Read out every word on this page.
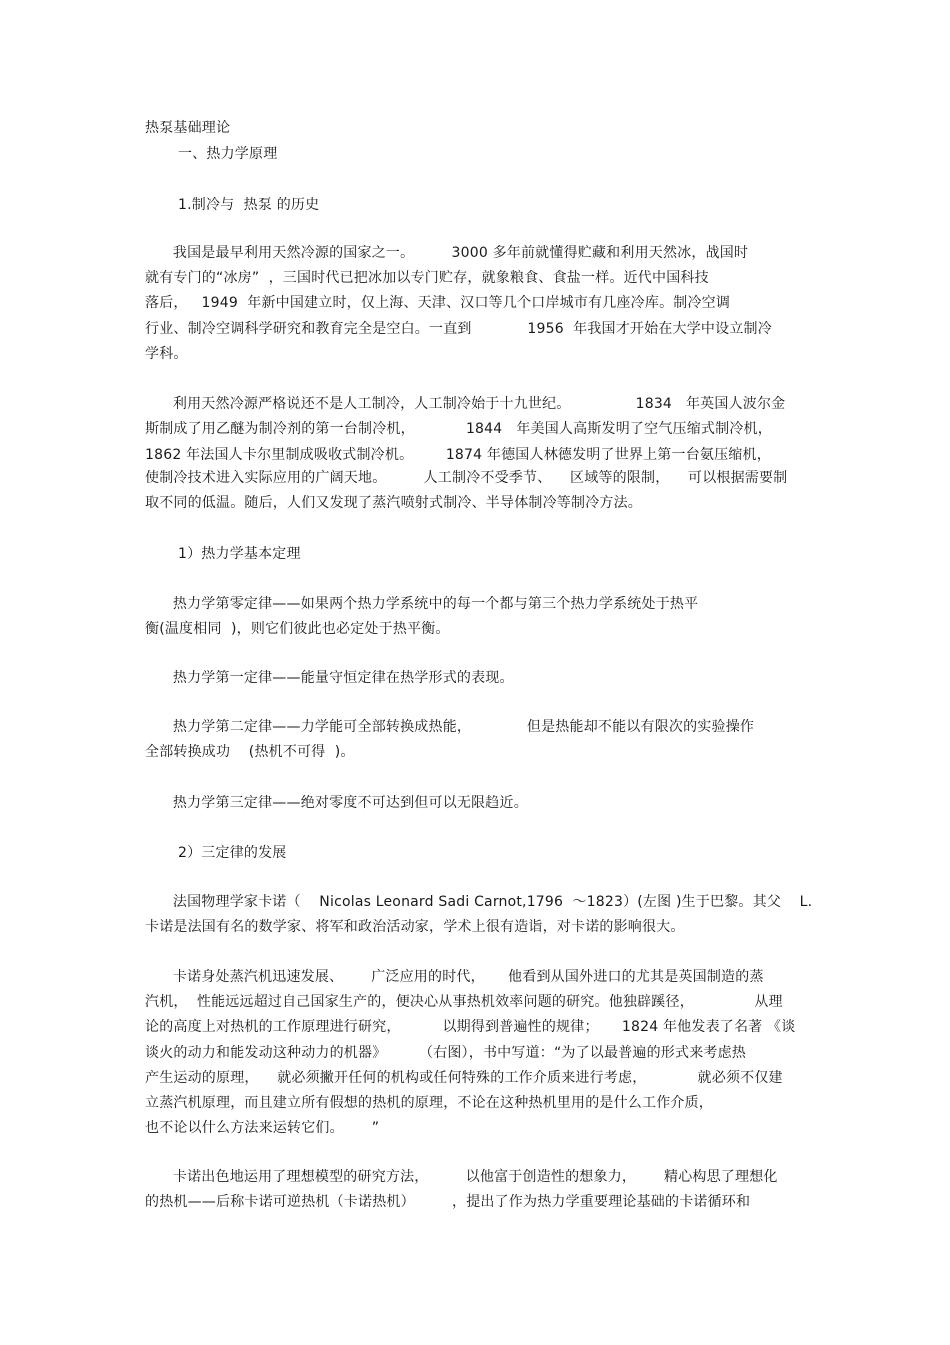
热泵基础理论
一、热力学原理
1.制冷与  热泵 的历史
我国是最早利用天然冷源的国家之一。        3000 多年前就懂得贮藏和利用天然冰，战国时
就有专门的“冰房”  ，三国时代已把冰加以专门贮存，就象粮食、食盐一样。近代中国科技
落后，   1949  年新中国建立时，仅上海、天津、汉口等几个口岸城市有几座冷库。制冷空调
行业、制冷空调科学研究和教育完全是空白。一直到            1956  年我国才开始在大学中设立制冷
学科。
利用天然冷源严格说还不是人工制冷，人工制冷始于十九世纪。              1834   年英国人波尔金
斯制成了用乙醚为制冷剂的第一台制冷机，           1844   年美国人高斯发明了空气压缩式制冷机，
1862 年法国人卡尔里制成吸收式制冷机。       1874 年德国人林德发明了世界上第一台氨压缩机，
使制冷技术进入实际应用的广阔天地。        人工制冷不受季节、    区域等的限制，    可以根据需要制
取不同的低温。随后，人们又发现了蒸汽喷射式制冷、半导体制冷等制冷方法。
1）热力学基本定理
热力学第零定律——如果两个热力学系统中的每一个都与第三个热力学系统处于热平
衡(温度相同  )，则它们彼此也必定处于热平衡。
热力学第一定律——能量守恒定律在热学形式的表现。
热力学第二定律——力学能可全部转换成热能，            但是热能却不能以有限次的实验操作
全部转换成功    (热机不可得  )。
热力学第三定律——绝对零度不可达到但可以无限趋近。
2）三定律的发展
法国物理学家卡诺（    Nicolas Leonard Sadi Carnot,1796  ～1823）(左图 )生于巴黎。其父    L.
卡诺是法国有名的数学家、将军和政治活动家，学术上很有造诣，对卡诺的影响很大。
卡诺身处蒸汽机迅速发展、      广泛应用的时代，     他看到从国外进口的尤其是英国制造的蒸
汽机，  性能远远超过自己国家生产的，便决心从事热机效率问题的研究。他独辟蹊径，             从理
论的高度上对热机的工作原理进行研究，         以期得到普遍性的规律；     1824 年他发表了名著 《谈
谈火的动力和能发动这种动力的机器》       （右图），书中写道：“为了以最普遍的形式来考虑热
产生运动的原理，    就必须撇开任何的机构或任何特殊的工作介质来进行考虑，           就必须不仅建
立蒸汽机原理，而且建立所有假想的热机的原理，不论在这种热机里用的是什么工作介质，
也不论以什么方法来运转它们。      ”
卡诺出色地运用了理想模型的研究方法，        以他富于创造性的想象力，      精心构思了理想化
的热机——后称卡诺可逆热机（卡诺热机）        ，提出了作为热力学重要理论基础的卡诺循环和
